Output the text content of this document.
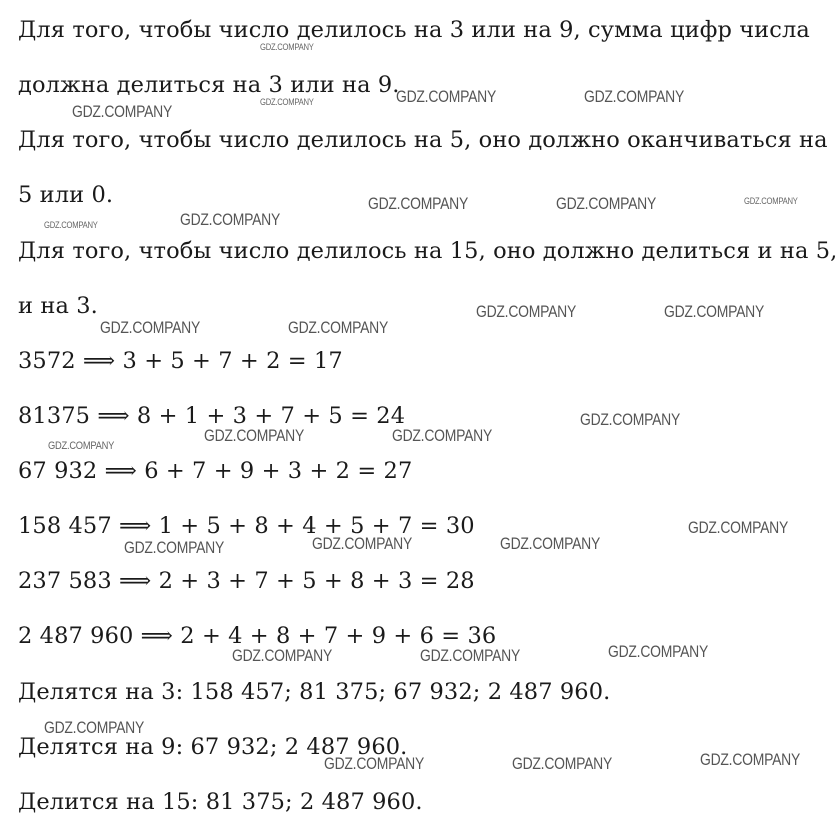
Для того, чтобы число делилось на 3 или на 9, сумма цифр числа
должна делиться на 3 или на 9.
Для того, чтобы число делилось на 5, оно должно оканчиваться на
5 или 0.
Для того, чтобы число делилось на 15, оно должно делиться и на 5,
и на 3.
3572 ⟹ 3 + 5 + 7 + 2 = 17
81375 ⟹ 8 + 1 + 3 + 7 + 5 = 24
67 932 ⟹ 6 + 7 + 9 + 3 + 2 = 27
158 457 ⟹ 1 + 5 + 8 + 4 + 5 + 7 = 30
237 583 ⟹ 2 + 3 + 7 + 5 + 8 + 3 = 28
2 487 960 ⟹ 2 + 4 + 8 + 7 + 9 + 6 = 36
Делятся на 3: 158 457; 81 375; 67 932; 2 487 960.
Делятся на 9: 67 932; 2 487 960.
Делится на 15: 81 375; 2 487 960.
GDZ.COMPANY
GDZ.COMPANY	GDZ.COMPANY	GDZ.COMPANY	GDZ.COMPANY
GDZ.COMPANY	GDZ.COMPANY
GDZ.COMPANY	GDZ.COMPANY	GDZ.COMPANY
GDZ.COMPANY	GDZ.COMPANY
GDZ.COMPANY	GDZ.COMPANY
GDZ.COMPANY
GDZ.COMPANY
GDZ.COMPANY	GDZ.COMPANY
GDZ.COMPANY
GDZ.COMPANY	GDZ.COMPANY	GDZ.COMPANY
GDZ.COMPANY	GDZ.COMPANY	GDZ.COMPANY
GDZ.COMPANY
GDZ.COMPANY	GDZ.COMPANY	GDZ.COMPANY
